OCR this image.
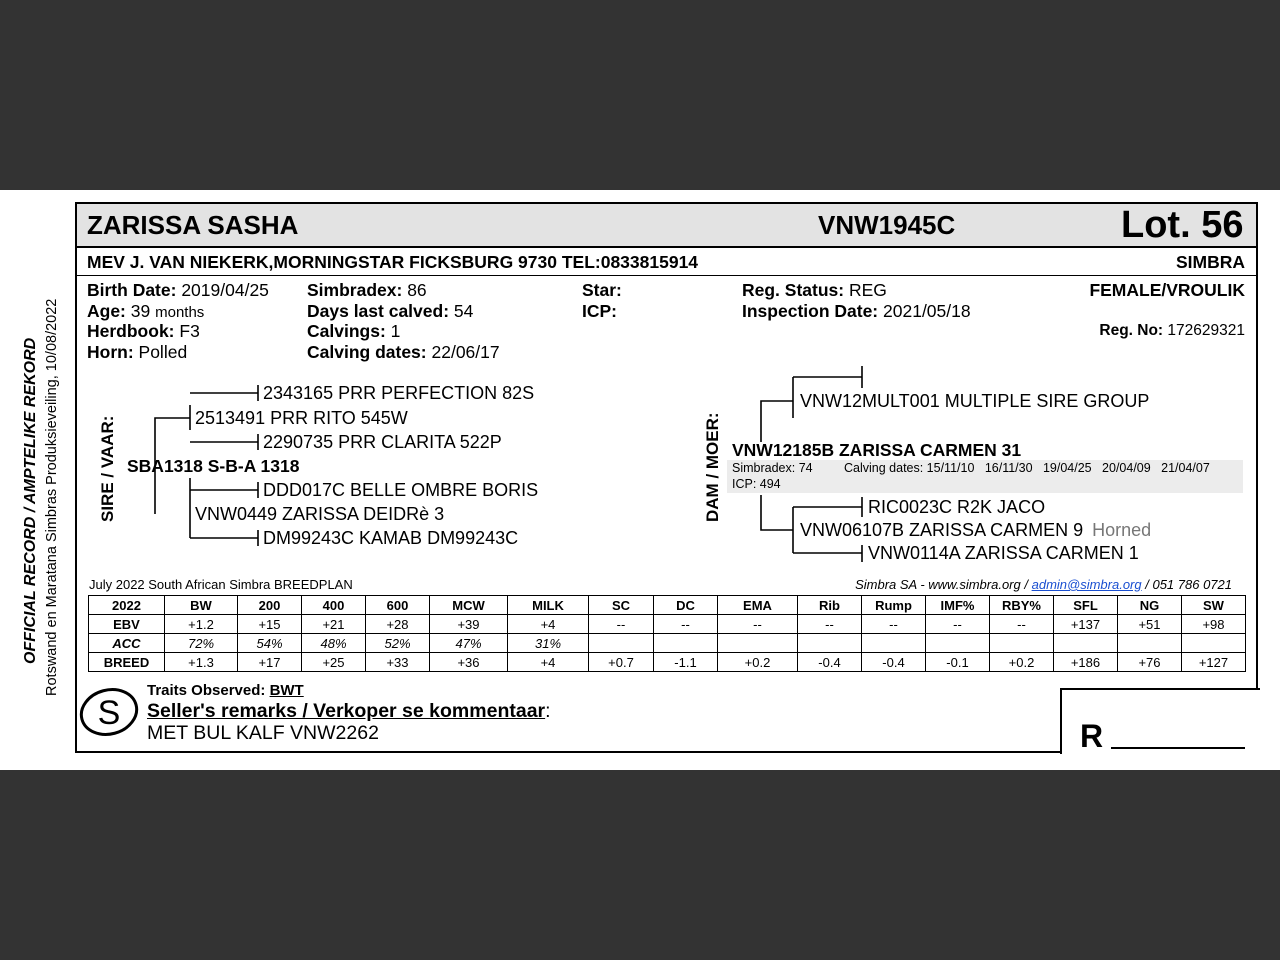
OFFICIAL RECORD / AMPTELIKE REKORD Rotswand en Maratana Simbras Produksieveiling, 10/08/2022
ZARISSA SASHA	VNW1945C	Lot. 56
MEV J. VAN NIEKERK,MORNINGSTAR FICKSBURG 9730 TEL:0833815914	SIMBRA
Birth Date: 2019/04/25
Age: 39 months
Herdbook: F3
Horn: Polled
Simbradex: 86
Days last calved: 54
Calvings: 1
Calving dates: 22/06/17
Star:
ICP:
Reg. Status: REG
Inspection Date: 2021/05/18
FEMALE/VROULIK
Reg. No: 172629321
SIRE / VAAR:	DAM / MOER:
2343165 PRR PERFECTION 82S
2513491 PRR RITO 545W
2290735 PRR CLARITA 522P
SBA1318 S-B-A 1318
DDD017C BELLE OMBRE BORIS
VNW0449 ZARISSA DEIDRè 3
DM99243C KAMAB DM99243C
VNW12MULT001 MULTIPLE SIRE GROUP
VNW12185B ZARISSA CARMEN 31
Simbradex: 74	Calving dates: 15/11/10   16/11/30   19/04/25   20/04/09   21/04/07
ICP: 494
RIC0023C R2K JACO
VNW06107B ZARISSA CARMEN 9 Horned
VNW0114A ZARISSA CARMEN 1
July 2022 South African Simbra BREEDPLAN	Simbra SA - www.simbra.org / admin@simbra.org / 051 786 0721
2022	BW	200	400	600	MCW	MILK	SC	DC	EMA	Rib	Rump	IMF%	RBY%	SFL	NG	SW
EBV	+1.2	+15	+21	+28	+39	+4	--	--	--	--	--	--	--	+137	+51	+98
ACC	72%	54%	48%	52%	47%	31%										
BREED	+1.3	+17	+25	+33	+36	+4	+0.7	-1.1	+0.2	-0.4	-0.4	-0.1	+0.2	+186	+76	+127
S
Traits Observed: BWT
Seller's remarks / Verkoper se kommentaar:
MET BUL KALF VNW2262	R
